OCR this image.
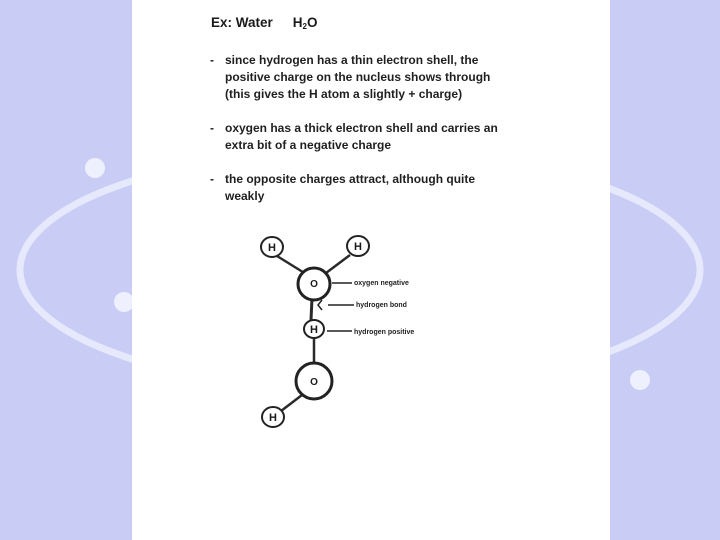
Ex: Water $H_2O$
- since hydrogen has a thin electron shell, the
positive charge on the nucleus shows through
(this gives the H atom a slightly + charge)
- oxygen has a thick electron shell and carries an
extra bit of a negative charge
- the opposite charges attract, although quite
weakly
H	H
O
H
O
H
oxygen negative
hydrogen bond
hydrogen positive
